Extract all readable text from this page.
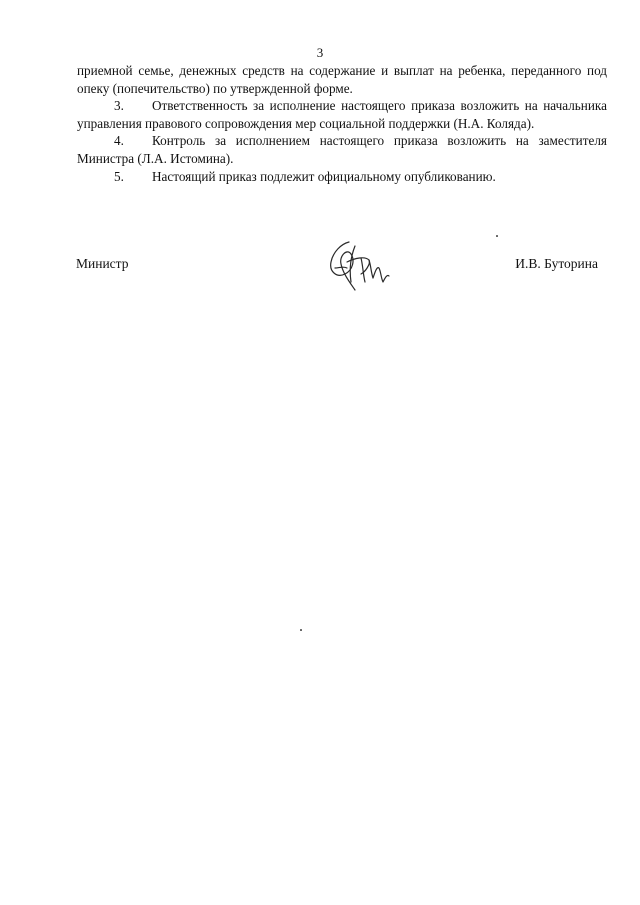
3

приемной семье, денежных средств на содержание и выплат на ребенка, переданного под опеку (попечительство) по утвержденной форме.

3. Ответственность за исполнение настоящего приказа возложить на начальника управления правового сопровождения мер социальной поддержки (Н.А. Коляда).

4. Контроль за исполнением настоящего приказа возложить на заместителя Министра (Л.А. Истомина).

5. Настоящий приказ подлежит официальному опубликованию.

Министр	И.В. Буторина
